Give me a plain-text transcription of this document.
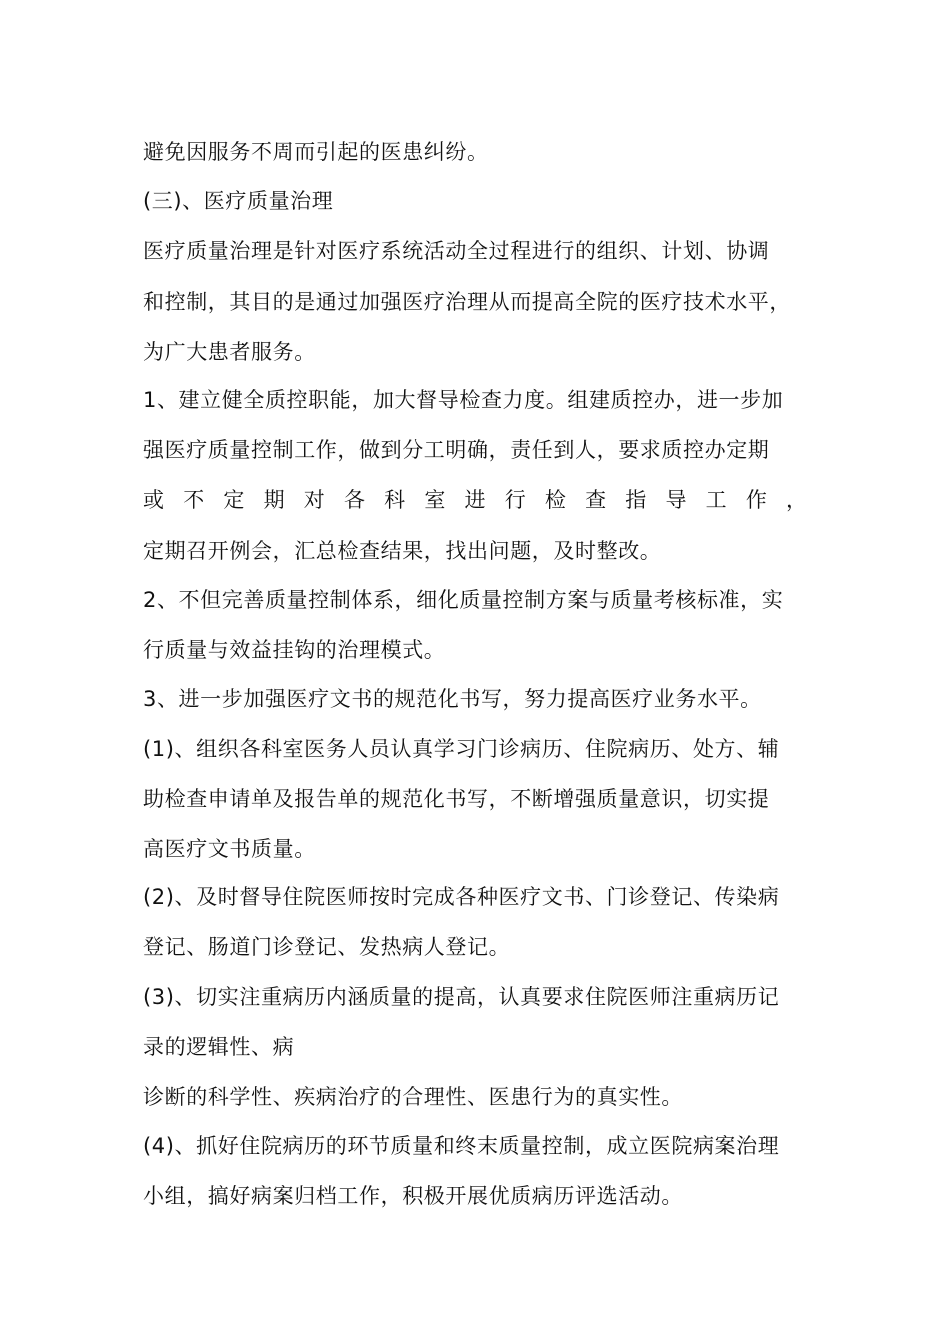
避免因服务不周而引起的医患纠纷。
(三)、医疗质量治理
医疗质量治理是针对医疗系统活动全过程进行的组织、计划、协调
和控制，其目的是通过加强医疗治理从而提高全院的医疗技术水平，
为广大患者服务。
1、建立健全质控职能，加大督导检查力度。组建质控办，进一步加
强医疗质量控制工作，做到分工明确，责任到人，要求质控办定期
或 不 定 期 对 各 科 室 进 行 检 查 指 导 工 作 ，
定期召开例会，汇总检查结果，找出问题，及时整改。
2、不但完善质量控制体系，细化质量控制方案与质量考核标准，实
行质量与效益挂钩的治理模式。
3、进一步加强医疗文书的规范化书写，努力提高医疗业务水平。
(1)、组织各科室医务人员认真学习门诊病历、住院病历、处方、辅
助检查申请单及报告单的规范化书写，不断增强质量意识，切实提
高医疗文书质量。
(2)、及时督导住院医师按时完成各种医疗文书、门诊登记、传染病
登记、肠道门诊登记、发热病人登记。
(3)、切实注重病历内涵质量的提高，认真要求住院医师注重病历记
录的逻辑性、病
诊断的科学性、疾病治疗的合理性、医患行为的真实性。
(4)、抓好住院病历的环节质量和终末质量控制，成立医院病案治理
小组，搞好病案归档工作，积极开展优质病历评选活动。
